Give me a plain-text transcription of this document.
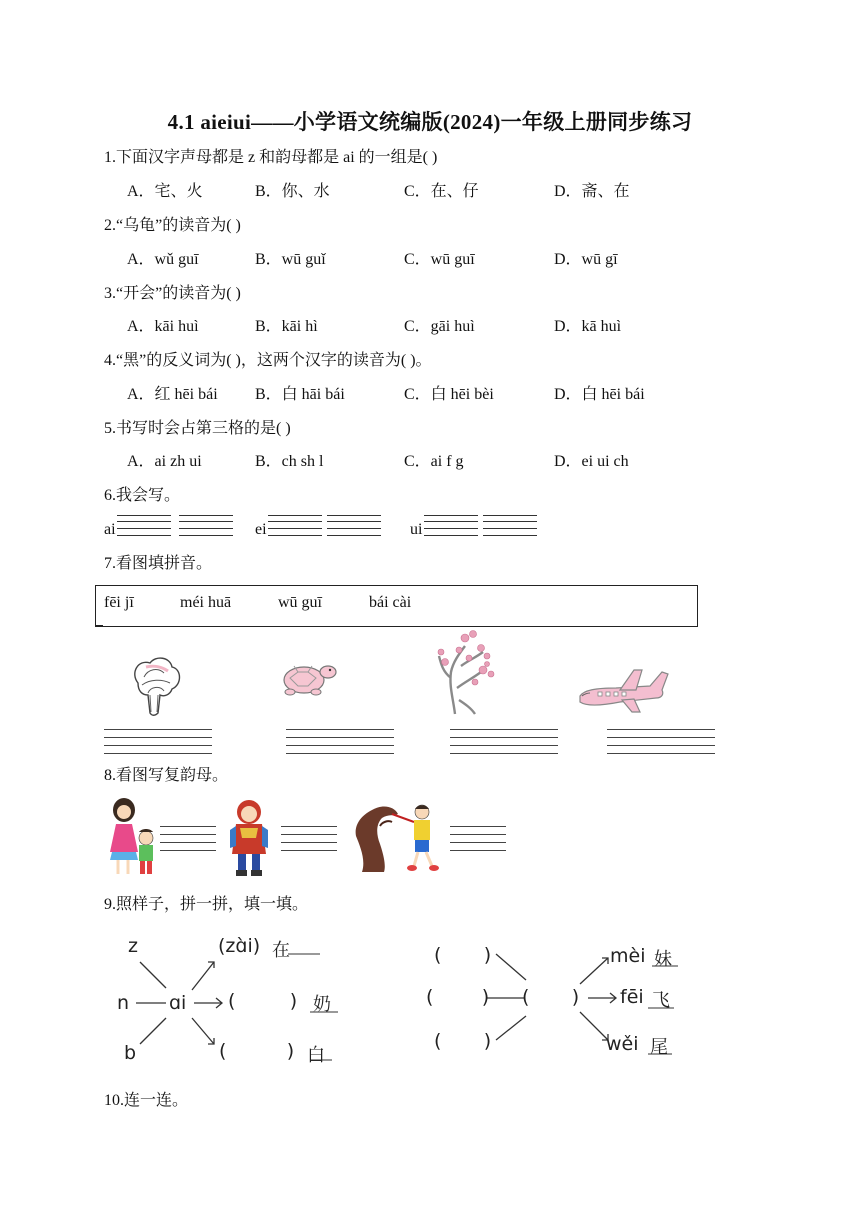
4.1 aieiui——小学语文统编版(2024)一年级上册同步练习
1.下面汉字声母都是 z 和韵母都是 ai 的一组是( )
A．宅、火	B．你、水	C．在、仔	D．斋、在
2.“乌龟”的读音为( )
A．wǔ guī	B．wū guǐ	C．wū guī	D．wū gī
3.“开会”的读音为( )
A．kāi huì	B．kāi hì	C．gāi huì	D．kā huì
4.“黑”的反义词为( )，这两个汉字的读音为( )。
A．红 hēi bái B．白 hāi bái	C．白 hēi bèi	D．白 hēi bái
5.书写时会占第三格的是( )
A．ai zh ui	B．ch sh l	C．ai f g	D．ei ui ch
6.我会写。
ai	ei	ui
7.看图填拼音。
fēi jī	méi huā	wū guī	bái cài
8.看图写复韵母。
9.照样子，拼一拼，填一填。
z
n
b
ɑi
(zɑ̀i) 在
(         ) 奶
(          ) 白
(       )
(        )
(       )
(       )
mèi 妹
fēi 飞
wěi 尾
10.连一连。
